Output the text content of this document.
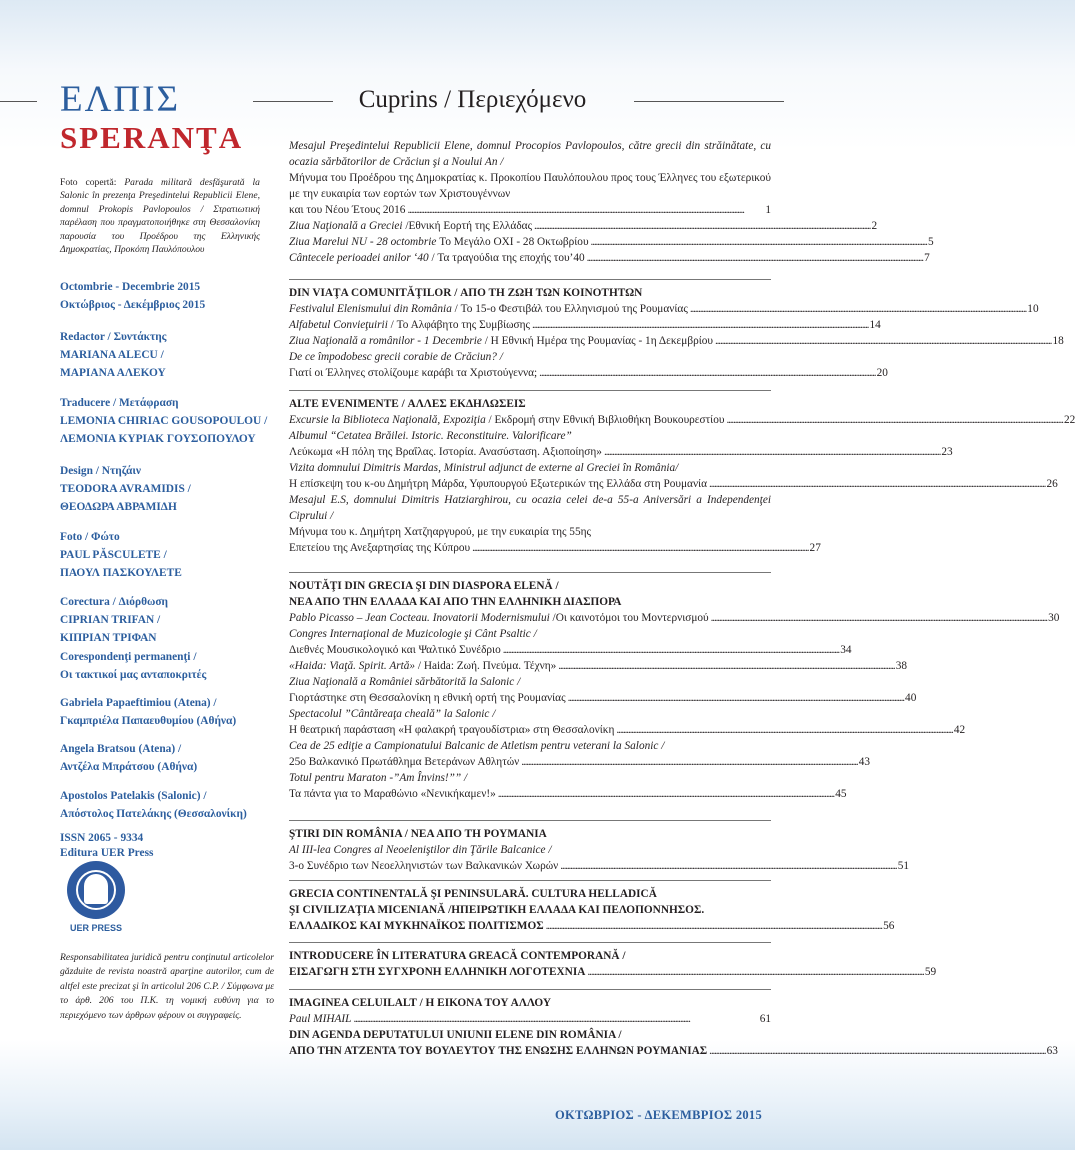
ΕΛΠΙΣ
SPERANŢA
Cuprins / Περιεχόμενο
Foto copertă: Parada militară desfăşurată la Salonic în prezenţa Preşedintelui Republicii Elene, domnul Prokopis Pavlopoulos / Στρατιωτική παρέλαση που πραγματοποιήθηκε στη Θεσσαλονίκη παρουσία του Προέδρου της Ελληνικής Δημοκρατίας, Προκόπη Παυλόπουλου
Octombrie - Decembrie 2015
Οκτώβριος - Δεκέμβριος 2015
Redactor / Συντάκτης
MARIANA ALECU /
ΜΑΡΙΑΝΑ ΑΛΕΚΟΥ
Traducere / Μετάφραση
LEMONIA CHIRIAC GOUSOPOULOU /
ΛΕΜΟΝΙΑ ΚΥΡΙΑΚ ΓΟΥΣΟΠΟΥΛΟΥ
Design / Ντηζάιν
TEODORA AVRAMIDIS /
ΘΕΟΔΩΡΑ ΑΒΡΑΜΙΔΗ
Foto / Φώτο
PAUL PĂSCULETE /
ΠΑΟΥΛ ΠΑΣΚΟΥΛΕΤΕ
Corectura / Διόρθωση
CIPRIAN TRIFAN /
ΚΙΠΡΙΑΝ ΤΡΙΦΑΝ
Corespondenţi permanenţi /
Οι τακτικοί μας ανταποκριτές
Gabriela Papaeftimiou (Atena) /
Γκαμπριέλα Παπαευθυμίου (Αθήνα)
Angela Bratsou (Atena) /
Αντζέλα Μπράτσου (Αθήνα)
Apostolos Patelakis (Salonic) /
Απόστολος Πατελάκης (Θεσσαλονίκη)
ISSN 2065 - 9334
Editura UER Press
UER PRESS
Responsabilitatea juridică pentru conţinutul articolelor găzduite de revista noastră aparţine autorilor, cum de altfel este precizat şi în articolul 206 C.P. / Σύμφωνα με το άρθ. 206 του Π.Κ. τη νομική ευθύνη για το περιεχόμενο των άρθρων φέρουν οι συγγραφείς.
Mesajul Preşedintelui Republicii Elene, domnul Procopios Pavlopoulos, către grecii din străinătate, cu ocazia sărbătorilor de Crăciun şi a Noului An /
Μήνυμα του Προέδρου της Δημοκρατίας κ. Προκοπίου Παυλόπουλου προς τους Έλληνες του εξωτερικού με την ευκαιρία των εορτών των Χριστουγέννων
και του Νέου Έτους 2016 . . .	1
Ziua Naţională a Greciei /Εθνική Εορτή της Ελλάδας . . .	2
Ziua Marelui NU - 28 octombrie Το Μεγάλο ΟΧΙ - 28 Οκτωβρίου . . .	5
Cântecele perioadei anilor ‘40 / Τα τραγούδια της εποχής του’40 . . .	7
DIN VIAŢA COMUNITĂŢILOR / ΑΠΟ ΤΗ ΖΩΗ ΤΩΝ ΚΟΙΝΟΤΗΤΩΝ
Festivalul Elenismului din România / Το 15-ο Φεστιβάλ του Ελληνισμού της Ρουμανίας . . .	10
Alfabetul Convieţuirii / Το Αλφάβητο της Συμβίωσης . . .	14
Ziua Naţională a românilor - 1 Decembrie / Η Εθνική Ημέρα της Ρουμανίας - 1η Δεκεμβρίου . . .	18
De ce împodobesc grecii corabie de Crăciun? /
Γιατί οι Έλληνες στολίζουμε καράβι τα Χριστούγεννα; . . .	20
ALTE EVENIMENTE / ΑΛΛΕΣ ΕΚΔΗΛΩΣΕΙΣ
Excursie la Biblioteca Naţională, Expoziţia / Εκδρομή στην Εθνική Βιβλιοθήκη Βουκουρεστίου . . .	22
Albumul “Cetatea Brăilei. Istoric. Reconstituire. Valorificare”
Λεύκωμα «Η πόλη της Βραΐλας. Ιστορία. Ανασύσταση. Αξιοποίηση» . . .	23
Vizita domnului Dimitris Mardas, Ministrul adjunct de externe al Greciei în România/
Η επίσκεψη του κ-ου Δημήτρη Μάρδα, Υφυπουργού Εξωτερικών της Ελλάδα στη Ρουμανία . . .	26
Mesajul E.S, domnului Dimitris Hatziarghirou, cu ocazia celei de-a 55-a Aniversări a Independenţei Ciprului /
Μήνυμα του κ. Δημήτρη Χατζηαργυρού, με την ευκαιρία της 55ης
Επετείου της Ανεξαρτησίας της Κύπρου . . .	27
NOUTĂŢI DIN GRECIA ŞI DIN DIASPORA ELENĂ /
ΝΕΑ ΑΠΟ ΤΗΝ ΕΛΛΑΔΑ ΚΑΙ ΑΠΟ ΤΗΝ ΕΛΛΗΝΙΚΗ ΔΙΑΣΠΟΡΑ
Pablo Picasso – Jean Cocteau. Inovatorii Modernismului /Οι καινοτόμοι του Μοντερνισμού . . .	30
Congres Internaţional de Muzicologie şi Cânt Psaltic /
Διεθνές Μουσικολογικό και Ψαλτικό Συνέδριο . . .	34
«Haida: Viaţă. Spirit. Artă» / Haida: Ζωή. Πνεύμα. Τέχνη» . . .	38
Ziua Naţională a României sărbătorită la Salonic /
Γιορτάστηκε στη Θεσσαλονίκη η εθνική ορτή της Ρουμανίας . . .	40
Spectacolul ”Cântăreaţa cheală” la Salonic /
Η θεατρική παράσταση «Η φαλακρή τραγουδίστρια» στη Θεσσαλονίκη . . .	42
Cea de 25 ediţie a Campionatului Balcanic de Atletism pentru veterani la Salonic /
25ο Βαλκανικό Πρωτάθλημα Βετεράνων Αθλητών . . .	43
Totul pentru Maraton -”Am Învins!”” /
Τα πάντα για το Μαραθώνιο «Νενικήκαμεν!» . . .	45
ŞTIRI DIN ROMÂNIA / ΝΕΑ ΑΠΟ ΤΗ ΡΟΥΜΑΝΙΑ
Al III-lea Congres al Neoeleniştilor din Ţările Balcanice /
3-ο Συνέδριο των Νεοελληνιστών των Βαλκανικών Χωρών . . .	51
GRECIA CONTINENTALĂ ŞI PENINSULARĂ. CULTURA HELLADICĂ
ŞI CIVILIZAŢIA MICENIANĂ /ΗΠΕΙΡΩΤΙΚΗ ΕΛΛΑΔΑ ΚΑΙ ΠΕΛΟΠΟΝΝΗΣΟΣ.
ΕΛΛΑΔΙΚΟΣ ΚΑΙ ΜΥΚΗΝΑΪΚΟΣ ΠΟΛΙΤΙΣΜΟΣ . . .	56
INTRODUCERE ÎN LITERATURA GREACĂ CONTEMPORANĂ /
ΕΙΣΑΓΩΓΗ ΣΤΗ ΣΥΓΧΡΟΝΗ ΕΛΛΗΝΙΚΗ ΛΟΓΟΤΕΧΝΙΑ . . .	59
IMAGINEA CELUILALT / Η ΕΙΚΟΝΑ ΤΟΥ ΑΛΛΟΥ
Paul MIHAIL . . .	61
DIN AGENDA DEPUTATULUI UNIUNII ELENE DIN ROMÂNIA /
ΑΠΟ ΤΗΝ ΑΤΖΕΝΤΑ ΤΟΥ ΒΟΥΛΕΥΤΟΥ ΤΗΣ ΕΝΩΣΗΣ ΕΛΛΗΝΩΝ ΡΟΥΜΑΝΙΑΣ . . .	63
ΟΚΤΩΒΡΙΟΣ - ΔΕΚΕΜΒΡΙΟΣ 2015
